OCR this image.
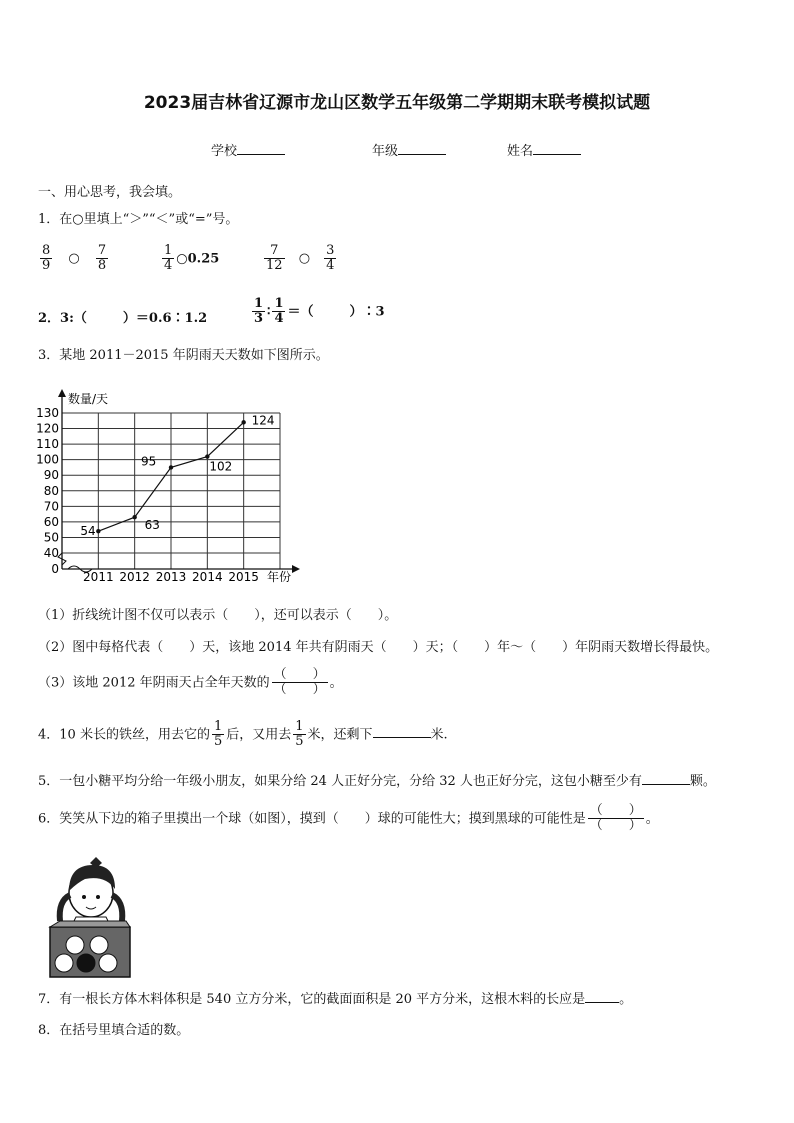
2023届吉林省辽源市龙山区数学五年级第二学期期末联考模拟试题
学校	年级	姓名
一、用心思考，我会填。
1．在○里填上“＞”“＜”或“=”号。
$\frac{8}{9}$ ○ $\frac{7}{8}$	$\frac{1}{4}$ ○0.25	$\frac{7}{12}$ ○ $\frac{3}{4}$
2．3:（	）＝0.6∶1.2	$\frac{1}{3}$ ∶ $\frac{1}{4}$ ＝（	）∶3
3．某地 2011－2015 年阴雨天天数如下图所示。
0
40
50
60
70
80
90
100
110
120
130
2011 2012 2013 2014 2015
54	63
95	102
124
数量/天
年份
（1）折线统计图不仅可以表示（　　），还可以表示（　　）。
（2）图中每格代表（　　）天，该地 2014 年共有阴雨天（　　）天；（　　）年～（　　）年阴雨天数增长得最快。
（3）该地 2012 年阴雨天占全年天数的 $\frac{( )}{( )}$ 。
4．10 米长的铁丝，用去它的 $\frac{1}{5}$ 后，又用去 $\frac{1}{5}$ 米，还剩下	米.
5．一包小糖平均分给一年级小朋友，如果分给 24 人正好分完，分给 32 人也正好分完，这包小糖至少有	颗。
6．笑笑从下边的箱子里摸出一个球（如图），摸到（　　）球的可能性大；摸到黑球的可能性是 $\frac{( )}{( )}$ 。
7．有一根长方体木料体积是 540 立方分米，它的截面面积是 20 平方分米，这根木料的长应是	。
8．在括号里填合适的数。
